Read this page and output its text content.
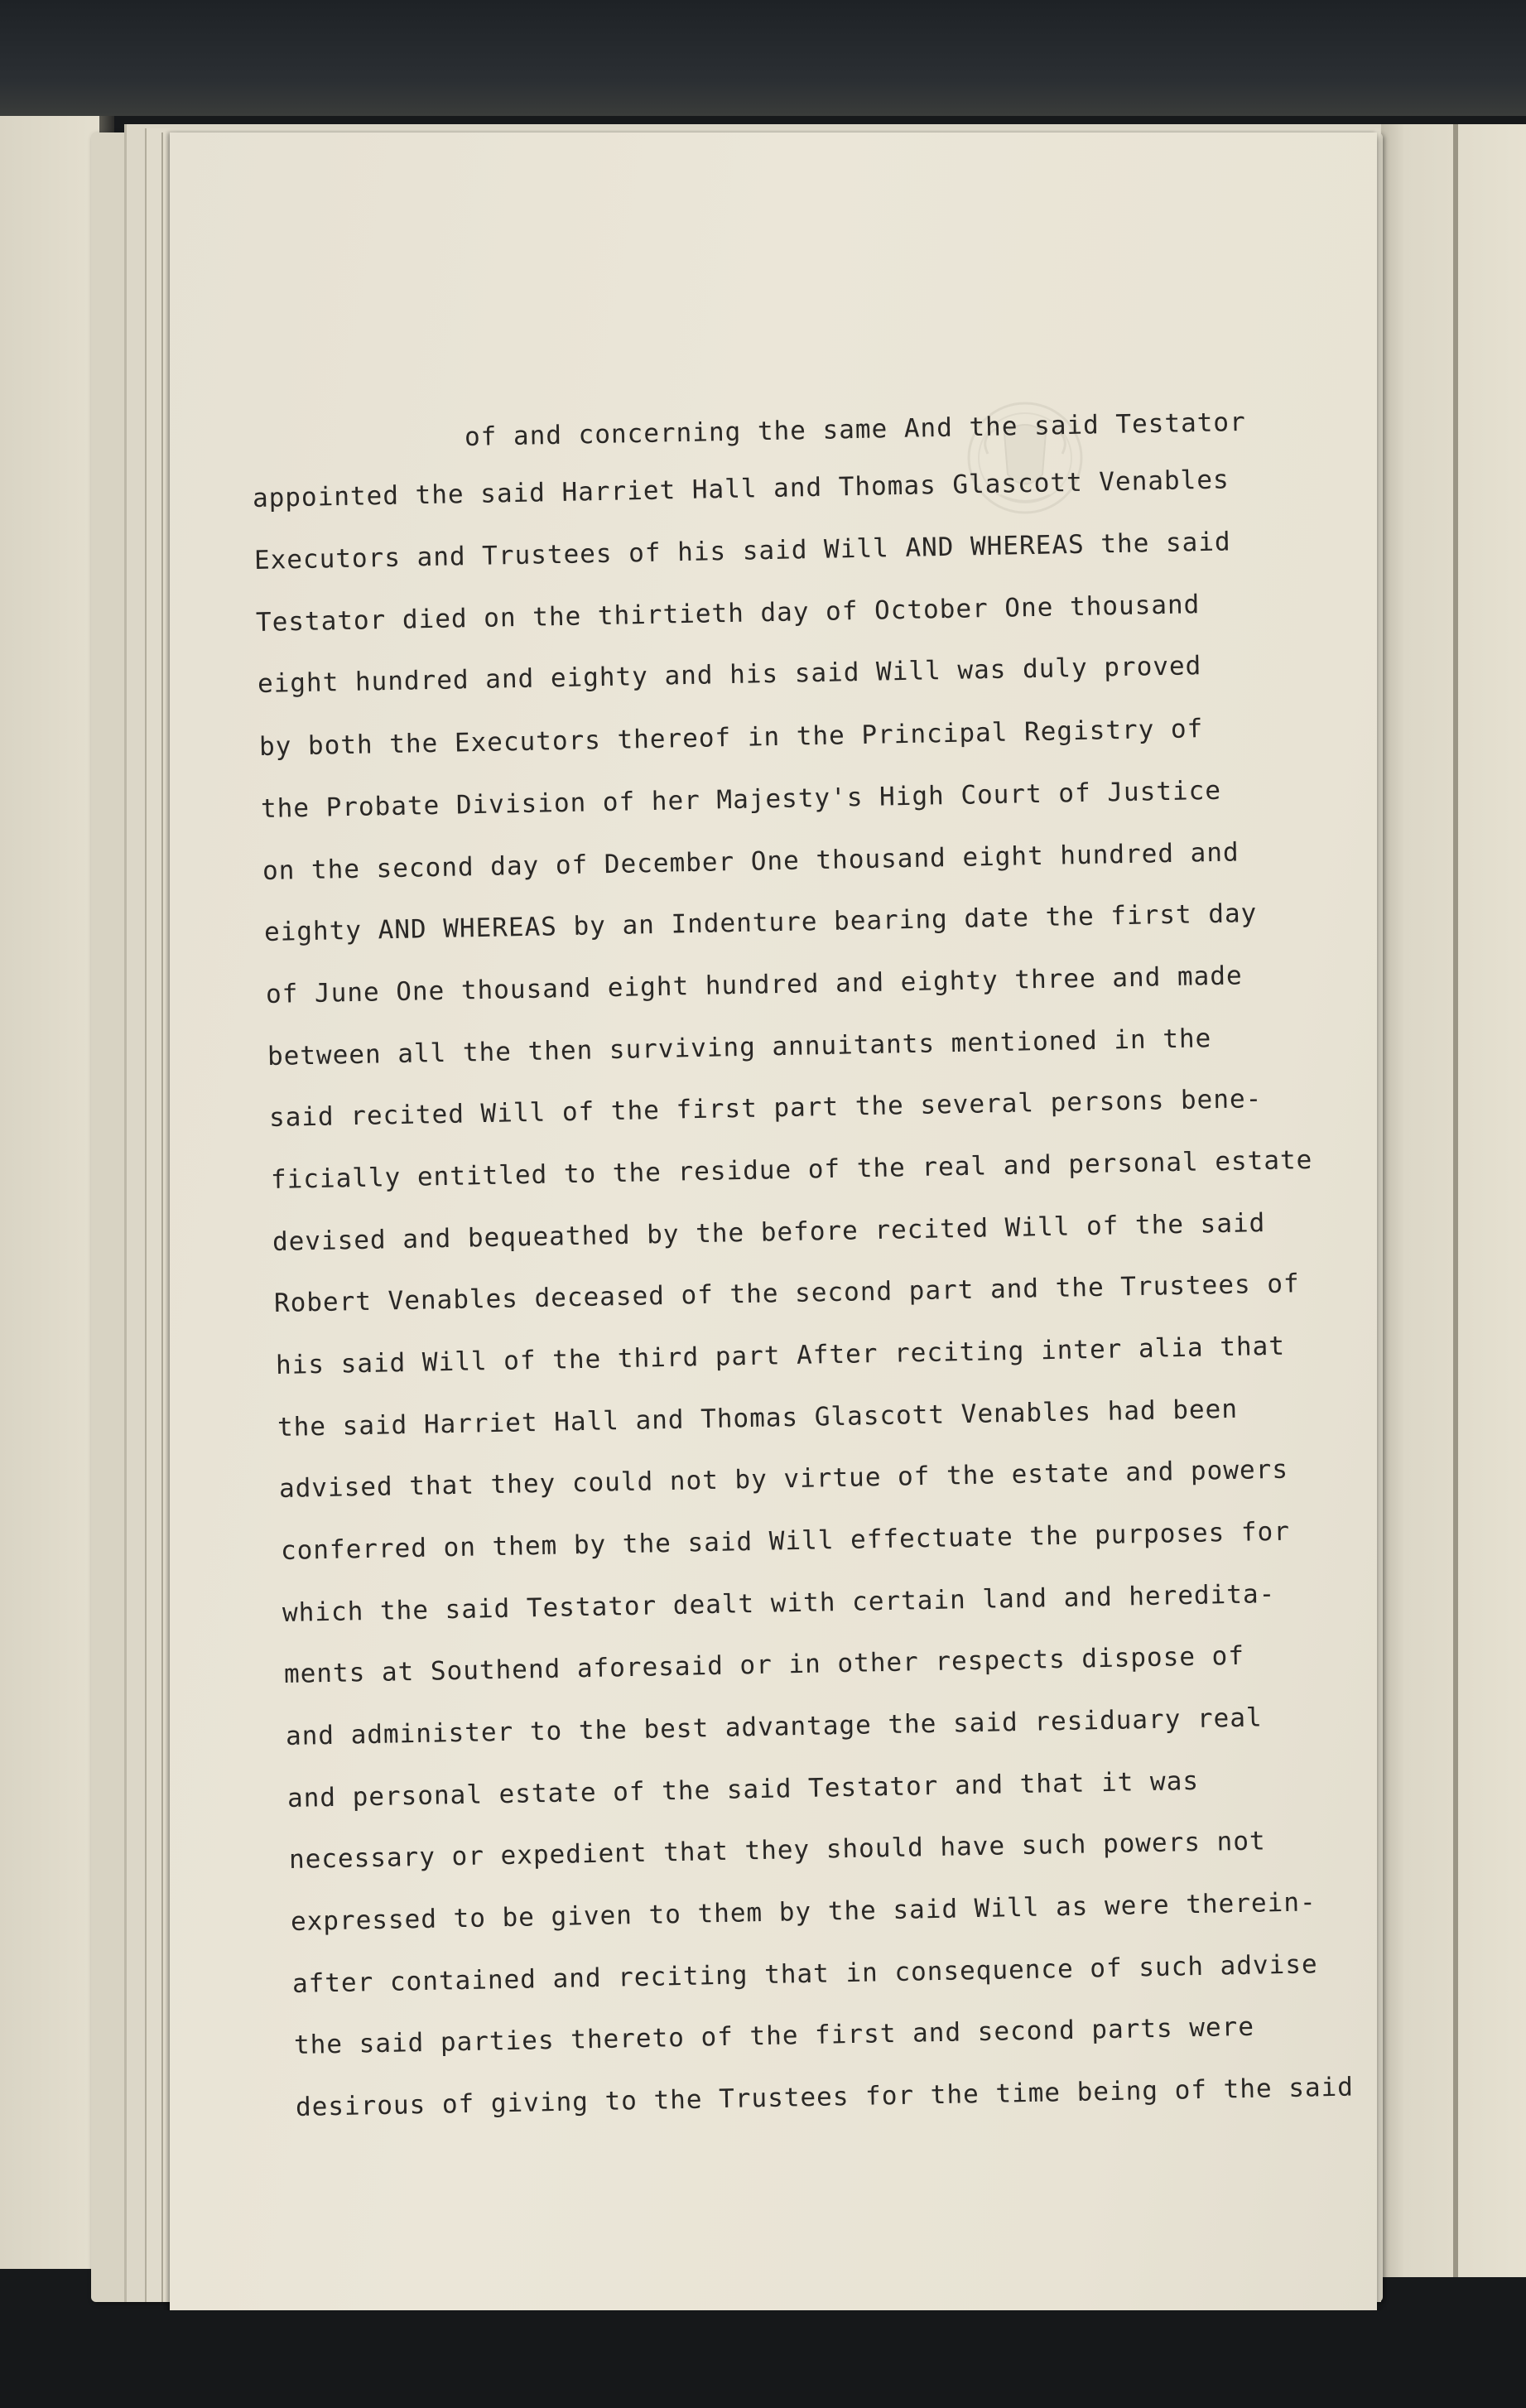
of and concerning the same And the said Testator
appointed the said Harriet Hall and Thomas Glascott Venables
Executors and Trustees of his said Will AND WHEREAS the said
Testator died on the thirtieth day of October One thousand
eight hundred and eighty and his said Will was duly proved
by both the Executors thereof in the Principal Registry of
the Probate Division of her Majesty's High Court of Justice
on the second day of December One thousand eight hundred and
eighty AND WHEREAS by an Indenture bearing date the first day
of June One thousand eight hundred and eighty three and made
between all the then surviving annuitants mentioned in the
said recited Will of the first part the several persons bene-
ficially entitled to the residue of the real and personal estate
devised and bequeathed by the before recited Will of the said
Robert Venables deceased of the second part and the Trustees of
his said Will of the third part After reciting inter alia that
the said Harriet Hall and Thomas Glascott Venables had been
advised that they could not by virtue of the estate and powers
conferred on them by the said Will effectuate the purposes for
which the said Testator dealt with certain land and heredita-
ments at Southend aforesaid or in other respects dispose of
and administer to the best advantage the said residuary real
and personal estate of the said Testator and that it was
necessary or expedient that they should have such powers not
expressed to be given to them by the said Will as were therein-
after contained and reciting that in consequence of such advise
the said parties thereto of the first and second parts were
desirous of giving to the Trustees for the time being of the said
